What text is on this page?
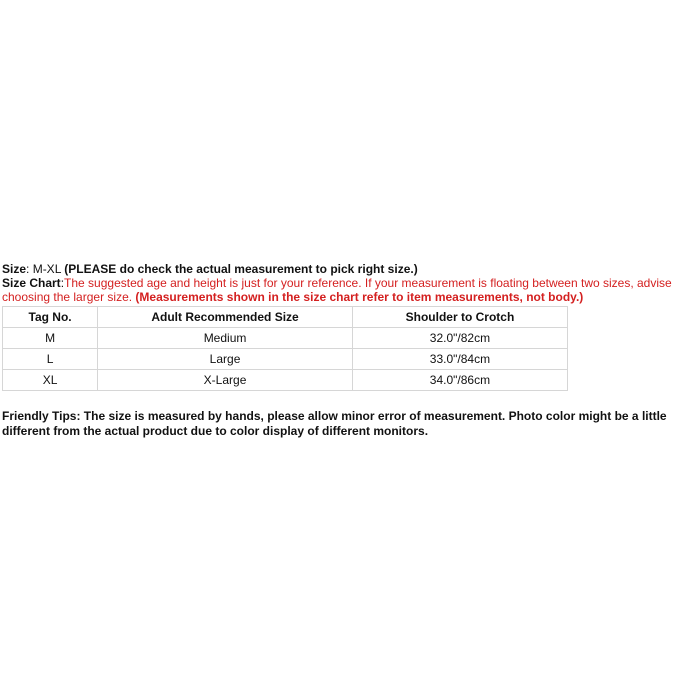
Size: M-XL (PLEASE do check the actual measurement to pick right size.)
Size Chart:The suggested age and height is just for your reference. If your measurement is floating between two sizes, advise choosing the larger size. (Measurements shown in the size chart refer to item measurements, not body.)
Tag No.	Adult Recommended Size	Shoulder to Crotch
M	Medium	32.0"/82cm
L	Large	33.0"/84cm
XL	X-Large	34.0"/86cm
Friendly Tips: The size is measured by hands, please allow minor error of measurement. Photo color might be a little different from the actual product due to color display of different monitors.
